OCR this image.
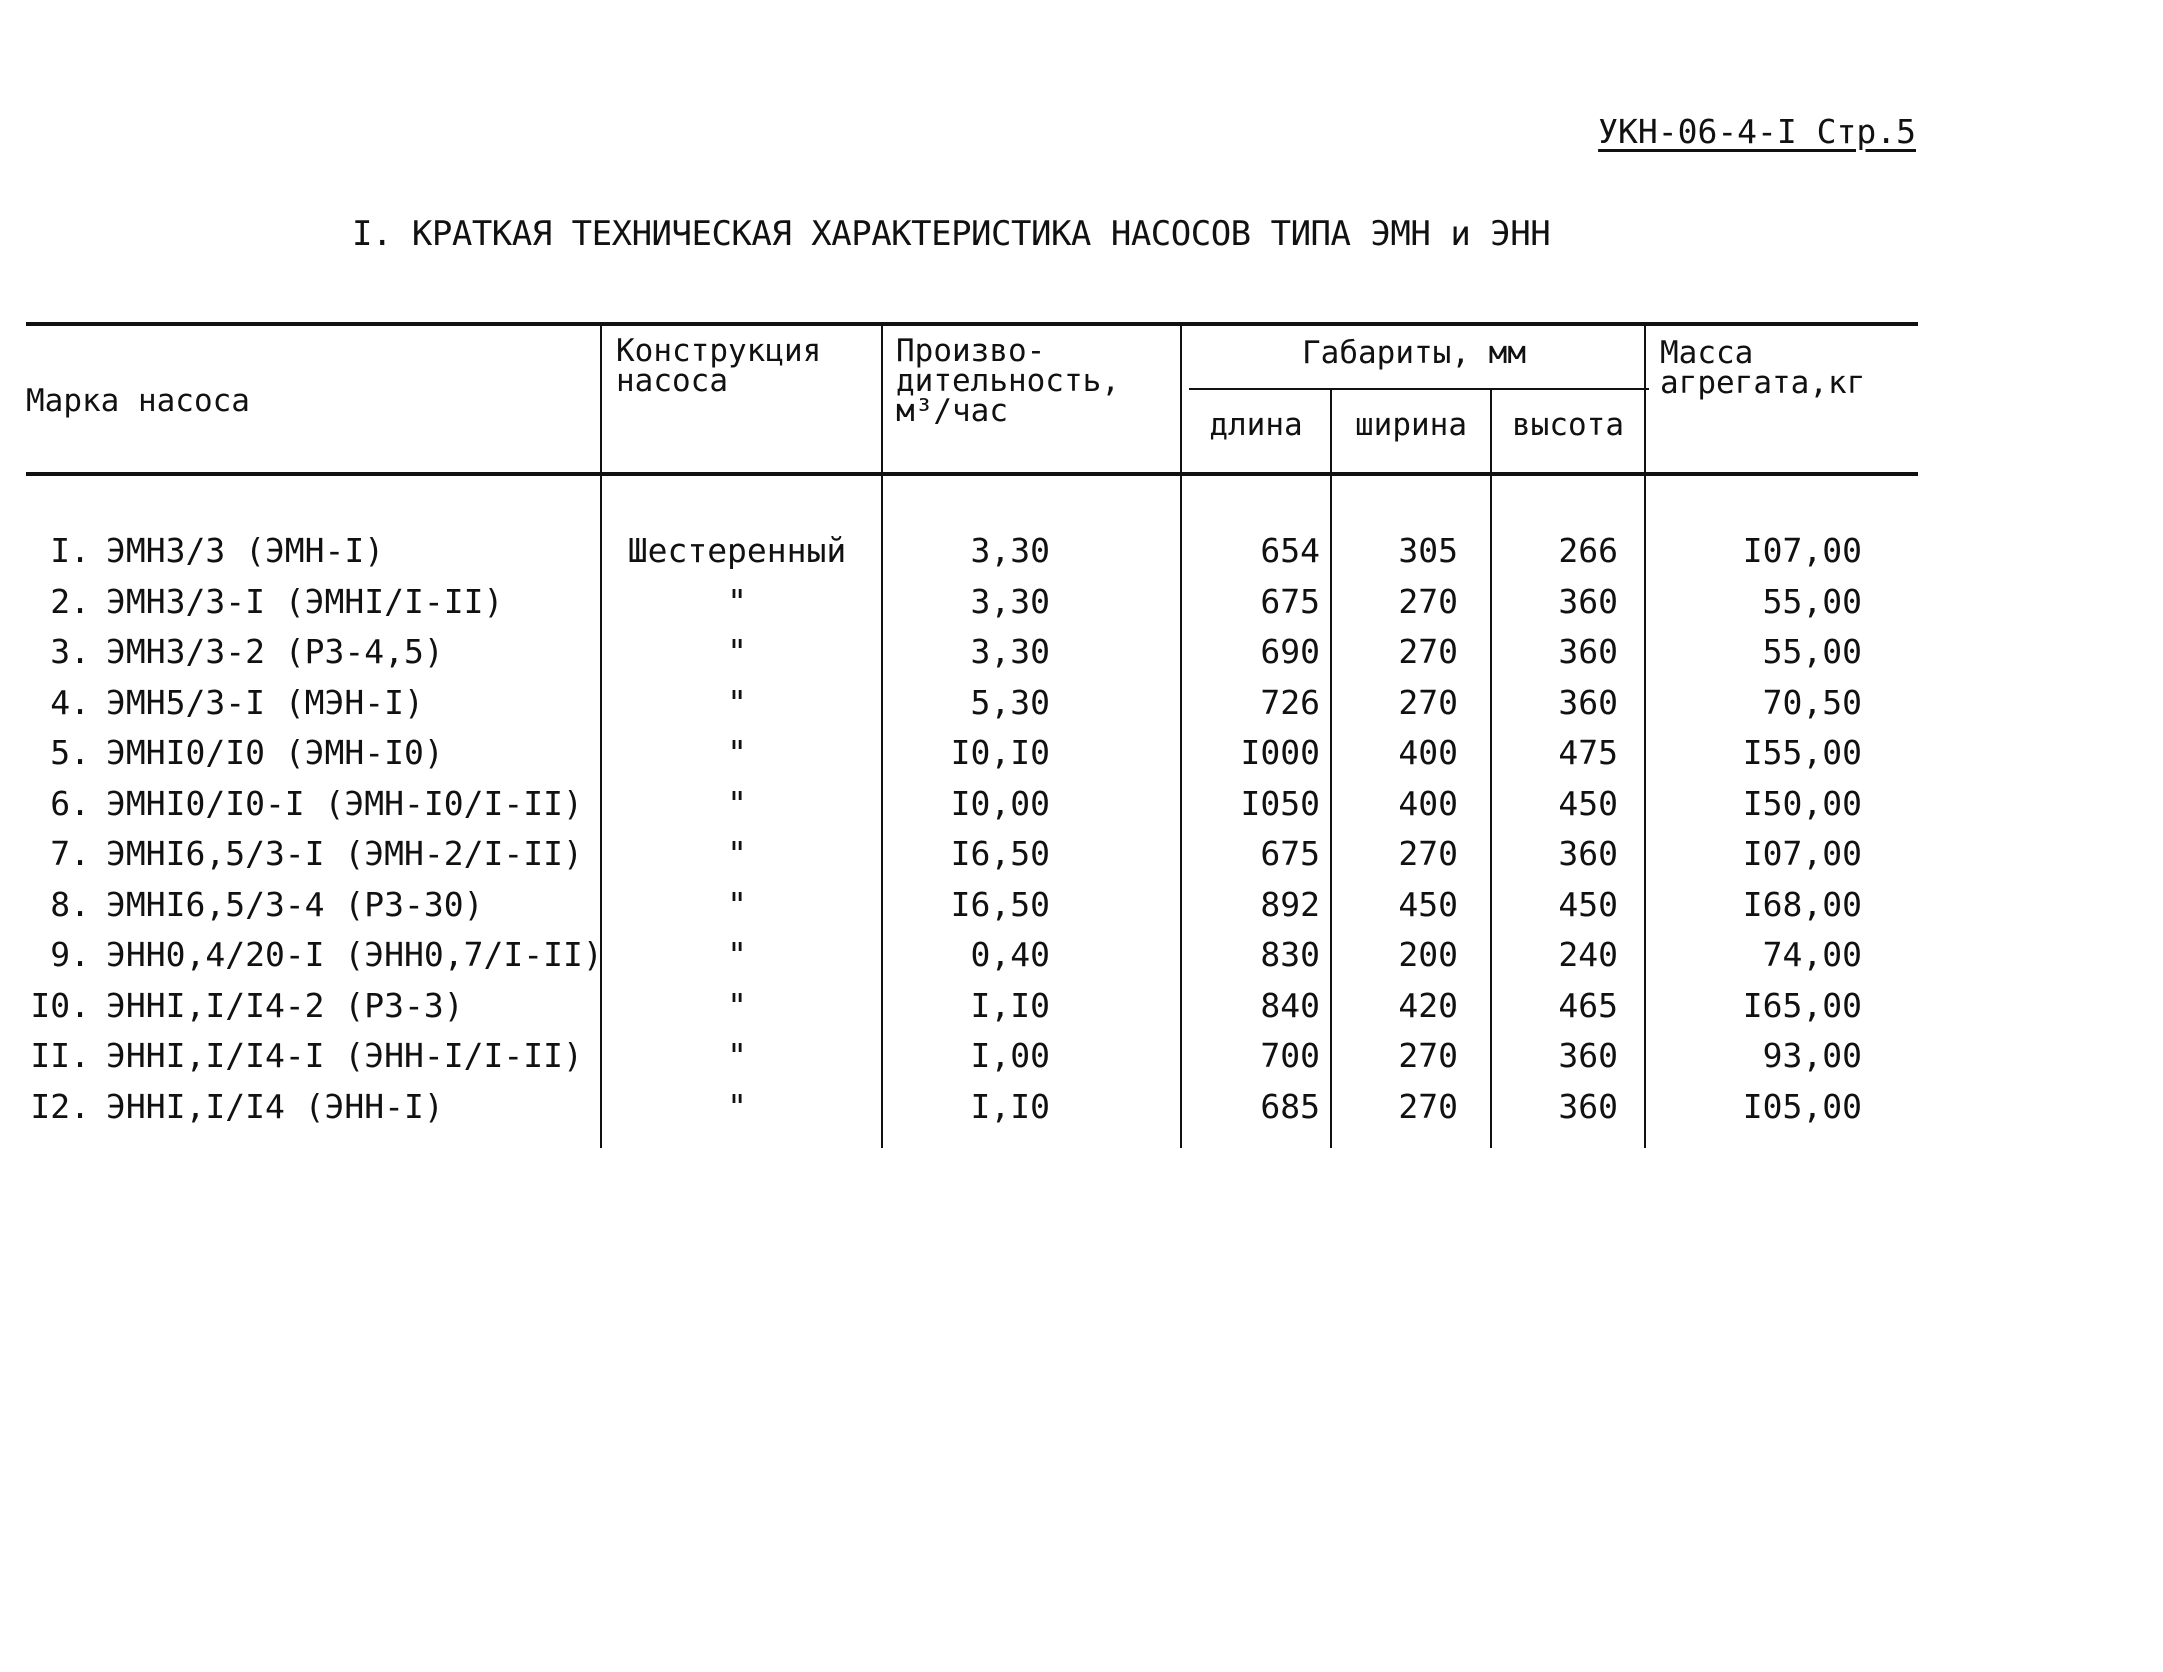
УКН-06-4-I Стр.5
I. КРАТКАЯ ТЕХНИЧЕСКАЯ ХАРАКТЕРИСТИКА НАСОСОВ ТИПА ЭМН и ЭНН
Марка насоса
Конструкция
насоса
Произво-
дительность,
м³/час
Габариты, мм
длина	ширина	высота
Масса
агрегата,кг
I. ЭМН3/3 (ЭМН-I)	Шестеренный	3,30	654	305	266	I07,00
2. ЭМН3/3-I (ЭМНI/I-II)	"	3,30	675	270	360	55,00
3. ЭМН3/3-2 (РЗ-4,5)	"	3,30	690	270	360	55,00
4. ЭМН5/3-I (МЭН-I)	"	5,30	726	270	360	70,50
5. ЭМНI0/I0 (ЭМН-I0)	"	I0,I0	I000	400	475	I55,00
6. ЭМНI0/I0-I (ЭМН-I0/I-II)	"	I0,00	I050	400	450	I50,00
7. ЭМНI6,5/3-I (ЭМН-2/I-II)	"	I6,50	675	270	360	I07,00
8. ЭМНI6,5/3-4 (РЗ-30)	"	I6,50	892	450	450	I68,00
9. ЭНН0,4/20-I (ЭНН0,7/I-II)	"	0,40	830	200	240	74,00
I0. ЭННI,I/I4-2 (РЗ-3)	"	I,I0	840	420	465	I65,00
II. ЭННI,I/I4-I (ЭНН-I/I-II)	"	I,00	700	270	360	93,00
I2. ЭННI,I/I4 (ЭНН-I)	"	I,I0	685	270	360	I05,00
